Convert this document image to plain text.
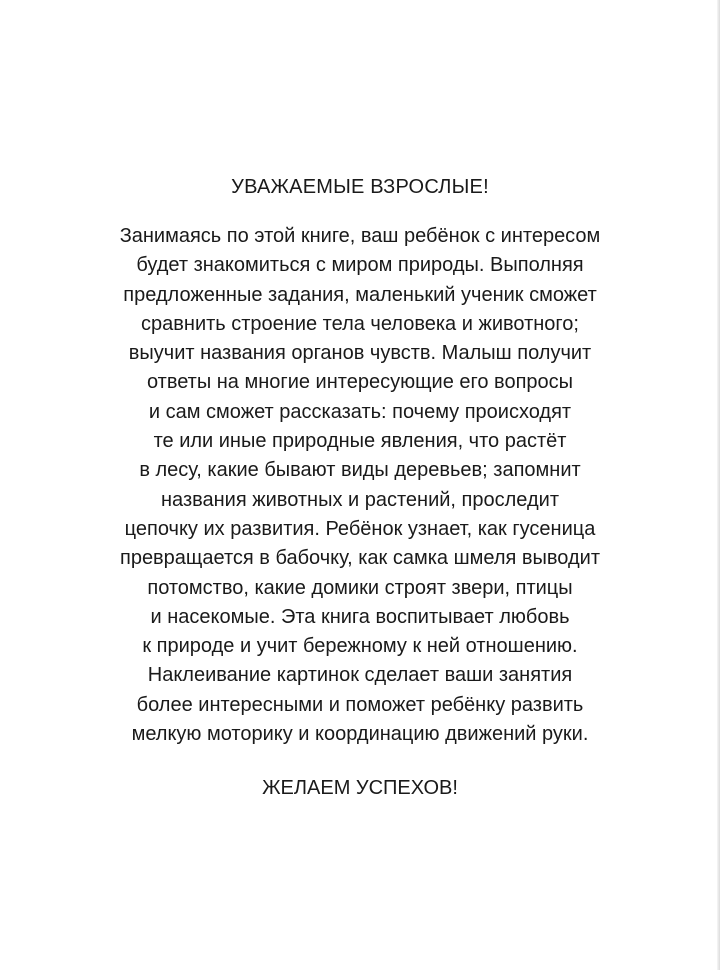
УВАЖАЕМЫЕ ВЗРОСЛЫЕ!
Занимаясь по этой книге, ваш ребёнок с интересом
будет знакомиться с миром природы. Выполняя
предложенные задания, маленький ученик сможет
сравнить строение тела человека и животного;
выучит названия органов чувств. Малыш получит
ответы на многие интересующие его вопросы
и сам сможет рассказать: почему происходят
те или иные природные явления, что растёт
в лесу, какие бывают виды деревьев; запомнит
названия животных и растений, проследит
цепочку их развития. Ребёнок узнает, как гусеница
превращается в бабочку, как самка шмеля выводит
потомство, какие домики строят звери, птицы
и насекомые. Эта книга воспитывает любовь
к природе и учит бережному к ней отношению.
Наклеивание картинок сделает ваши занятия
более интересными и поможет ребёнку развить
мелкую моторику и координацию движений руки.
ЖЕЛАЕМ УСПЕХОВ!
